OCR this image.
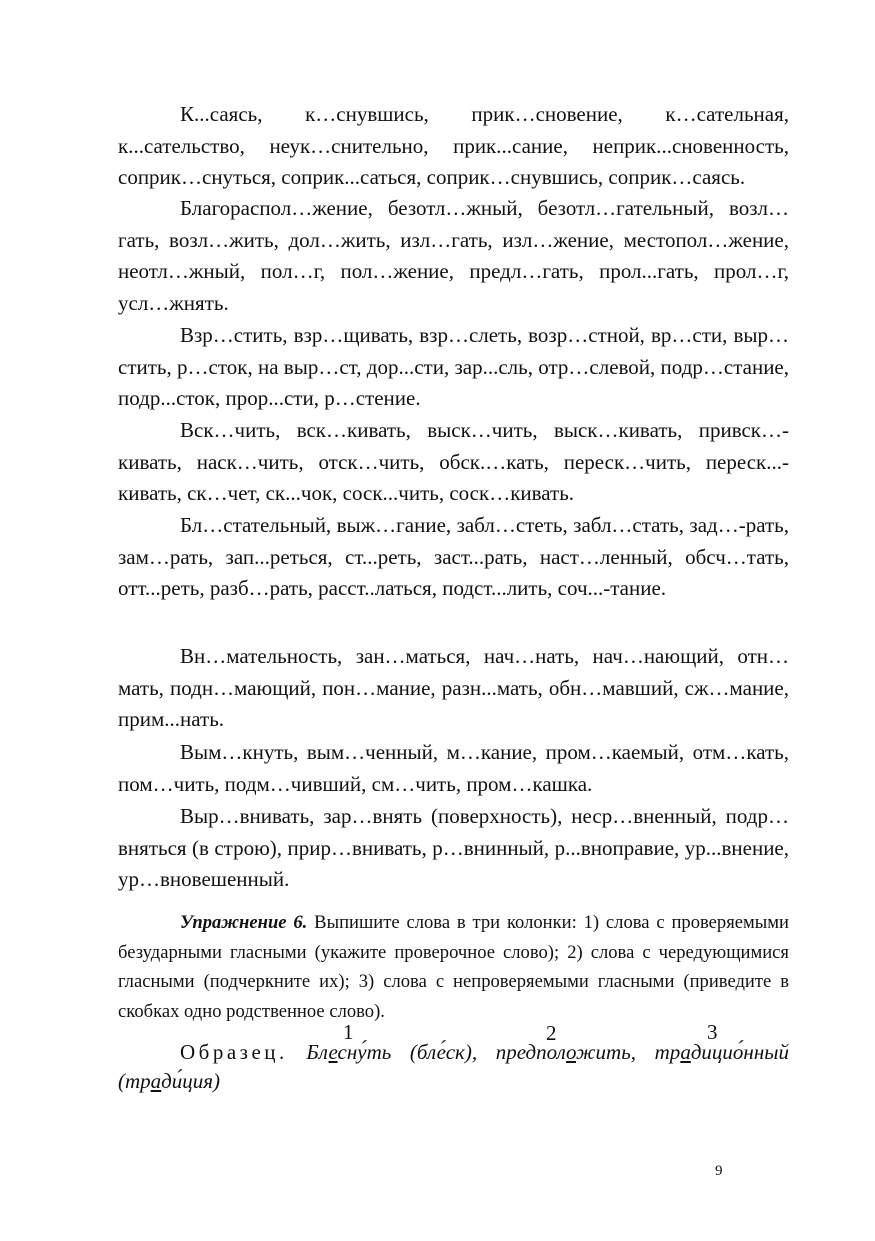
К...саясь, к…снувшись, прик…сновение, к…сательная, к...сательство, неук…снительно, прик...сание, неприк...сновенность, соприк…снуться, соприк...саться, соприк…снувшись, соприк…саясь.

Благораспол…жение, безотл…жный, безотл…гательный, возл…гать, возл…жить, дол…жить, изл…гать, изл…жение, местопол…жение, неотл…жный, пол…г, пол…жение, предл…гать, прол...гать, прол…г, усл…жнять.

Взр…стить, взр…щивать, взр…слеть, возр…стной, вр…сти, выр…стить, р…сток, на выр…ст, дор...сти, зар...сль, отр…слевой, подр…стание, подр...сток, прор...сти, р…стение.

Вск…чить, вск…кивать, выск…чить, выск…кивать, привск…-кивать, наск…чить, отск…чить, обск.…кать, переск…чить, переск...-кивать, ск…чет, ск...чок, соск...чить, соск…кивать.

Бл…стательный, выж…гание, забл…стеть, забл…стать, зад…-рать, зам…рать, зап...реться, ст...реть, заст...рать, наст…ленный, обсч…тать, отт...реть, разб…рать, расст..латься, подст...лить, соч...-тание.

Вн…мательность, зан…маться, нач…нать, нач…нающий, отн…мать, подн…мающий, пон…мание, разн...мать, обн…мавший, сж…мание, прим...нать.

Вым…кнуть, вым…ченный, м…кание, пром…каемый, отм…кать, пом…чить, подм…чивший, см…чить, пром…кашка.

Выр…внивать, зар…внять (поверхность), неср…вненный, подр…вняться (в строю), прир…внивать, р…внинный, р...вноправие, ур...внение, ур…вновешенный.

Упражнение 6. Выпишите слова в три колонки: 1) слова с проверяемыми безударными гласными (укажите проверочное слово); 2) слова с чередующимися гласными (подчеркните их); 3) слова с непроверяемыми гласными (приведите в скобках одно родственное слово).

1	2	3

Образец. Блесну́ть (бле́ск), предположить, традицио́нный (тради́ция)

9
